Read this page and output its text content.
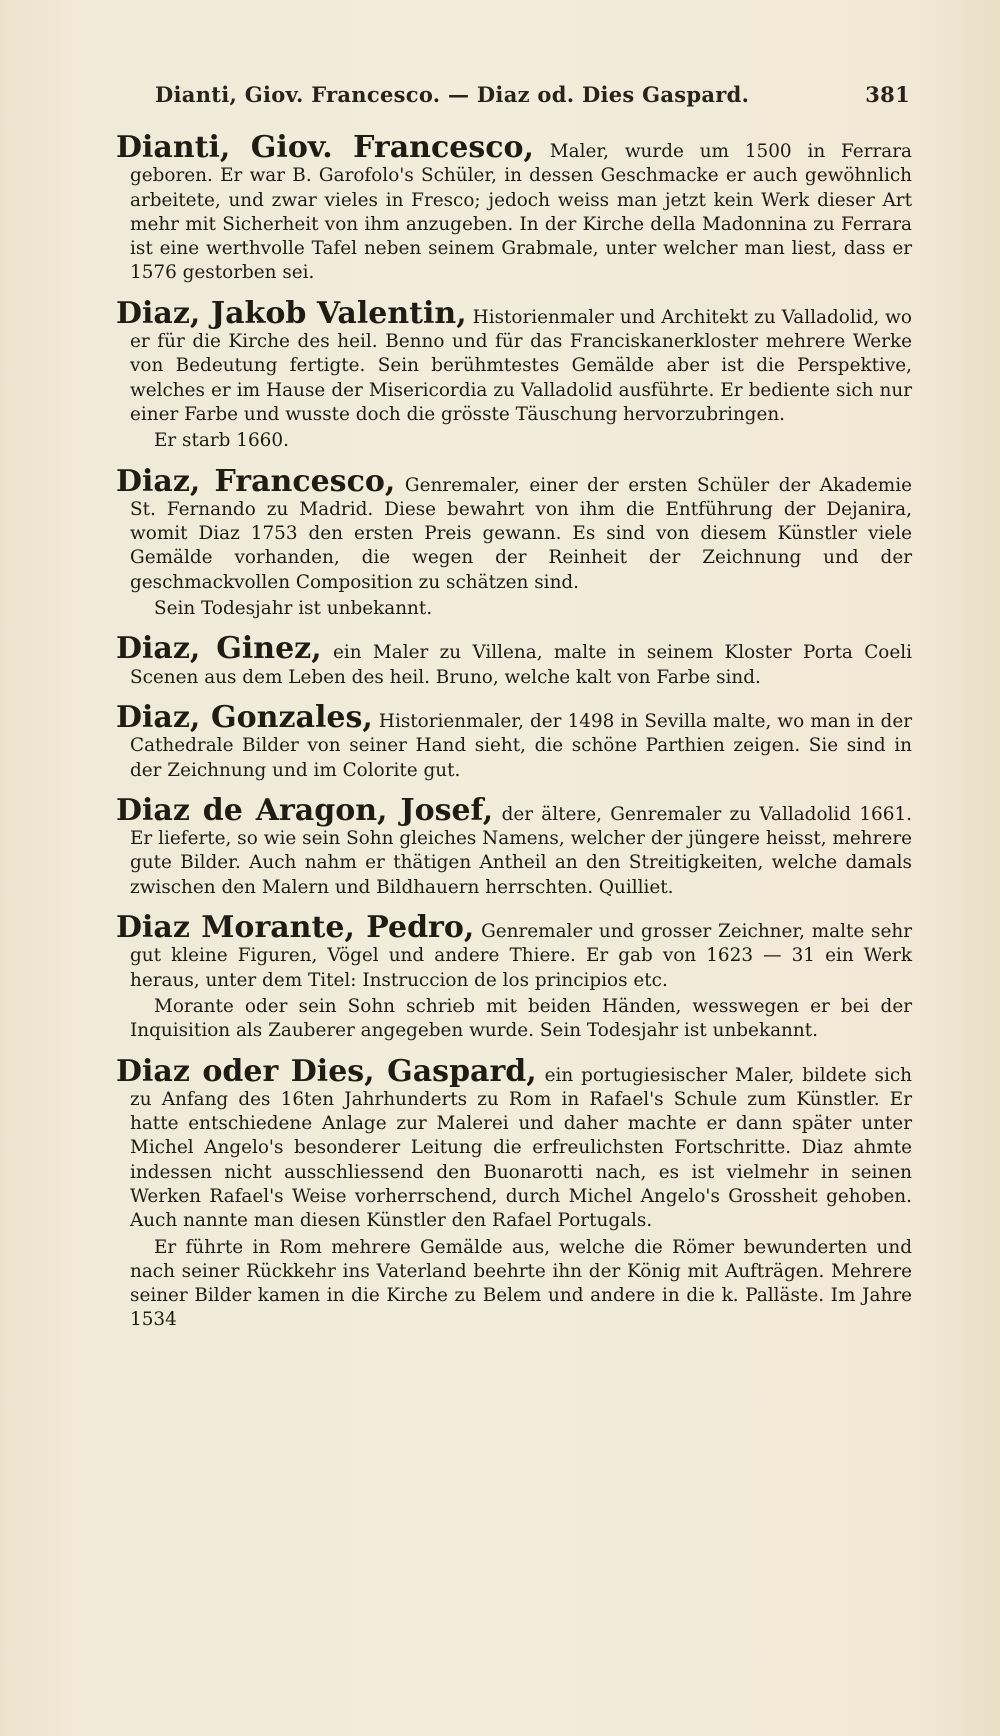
Dianti, Giov. Francesco. — Diaz od. Dies Gaspard.	381
Dianti, Giov. Francesco, Maler, wurde um 1500 in Ferrara geboren. Er war B. Garofolo's Schüler, in dessen Geschmacke er auch gewöhnlich arbeitete, und zwar vieles in Fresco; jedoch weiss man jetzt kein Werk dieser Art mehr mit Sicherheit von ihm anzugeben. In der Kirche della Madonnina zu Ferrara ist eine werthvolle Tafel neben seinem Grabmale, unter welcher man liest, dass er 1576 gestorben sei.
Diaz, Jakob Valentin, Historienmaler und Architekt zu Valladolid, wo er für die Kirche des heil. Benno und für das Franciskanerkloster mehrere Werke von Bedeutung fertigte. Sein berühmtestes Gemälde aber ist die Perspektive, welches er im Hause der Misericordia zu Valladolid ausführte. Er bediente sich nur einer Farbe und wusste doch die grösste Täuschung hervorzubringen.
Er starb 1660.
Diaz, Francesco, Genremaler, einer der ersten Schüler der Akademie St. Fernando zu Madrid. Diese bewahrt von ihm die Entführung der Dejanira, womit Diaz 1753 den ersten Preis gewann. Es sind von diesem Künstler viele Gemälde vorhanden, die wegen der Reinheit der Zeichnung und der geschmackvollen Composition zu schätzen sind.
Sein Todesjahr ist unbekannt.
Diaz, Ginez, ein Maler zu Villena, malte in seinem Kloster Porta Coeli Scenen aus dem Leben des heil. Bruno, welche kalt von Farbe sind.
Diaz, Gonzales, Historienmaler, der 1498 in Sevilla malte, wo man in der Cathedrale Bilder von seiner Hand sieht, die schöne Parthien zeigen. Sie sind in der Zeichnung und im Colorite gut.
Diaz de Aragon, Josef, der ältere, Genremaler zu Valladolid 1661. Er lieferte, so wie sein Sohn gleiches Namens, welcher der jüngere heisst, mehrere gute Bilder. Auch nahm er thätigen Antheil an den Streitigkeiten, welche damals zwischen den Malern und Bildhauern herrschten. Quilliet.
Diaz Morante, Pedro, Genremaler und grosser Zeichner, malte sehr gut kleine Figuren, Vögel und andere Thiere. Er gab von 1623 — 31 ein Werk heraus, unter dem Titel: Instruccion de los principios etc.
Morante oder sein Sohn schrieb mit beiden Händen, wesswegen er bei der Inquisition als Zauberer angegeben wurde. Sein Todesjahr ist unbekannt.
Diaz oder Dies, Gaspard, ein portugiesischer Maler, bildete sich zu Anfang des 16ten Jahrhunderts zu Rom in Rafael's Schule zum Künstler. Er hatte entschiedene Anlage zur Malerei und daher machte er dann später unter Michel Angelo's besonderer Leitung die erfreulichsten Fortschritte. Diaz ahmte indessen nicht ausschliessend den Buonarotti nach, es ist vielmehr in seinen Werken Rafael's Weise vorherrschend, durch Michel Angelo's Grossheit gehoben. Auch nannte man diesen Künstler den Rafael Portugals.
Er führte in Rom mehrere Gemälde aus, welche die Römer bewunderten und nach seiner Rückkehr ins Vaterland beehrte ihn der König mit Aufträgen. Mehrere seiner Bilder kamen in die Kirche zu Belem und andere in die k. Palläste. Im Jahre 1534
